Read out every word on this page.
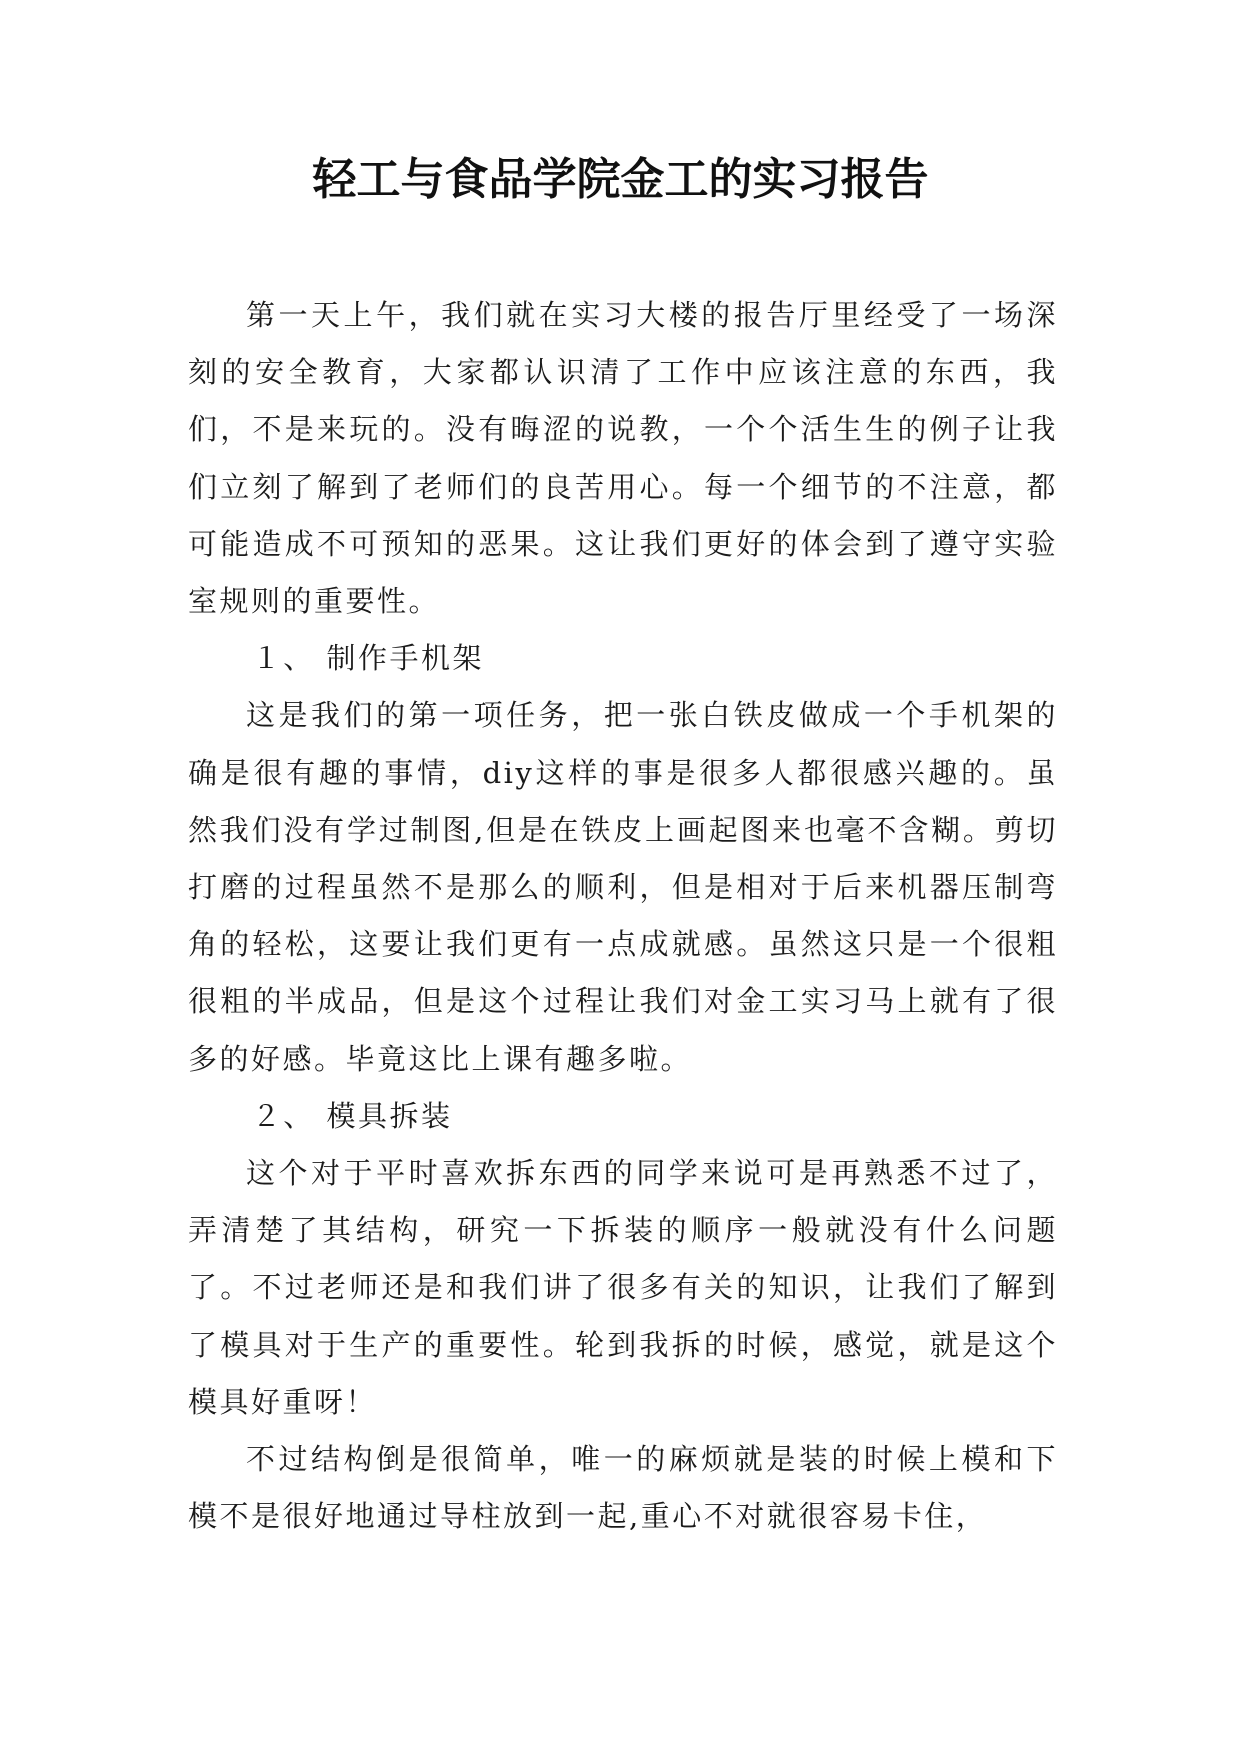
轻工与食品学院金工的实习报告

第一天上午，我们就在实习大楼的报告厅里经受了一场深刻的安全教育，大家都认识清了工作中应该注意的东西，我们，不是来玩的。没有晦涩的说教，一个个活生生的例子让我们立刻了解到了老师们的良苦用心。每一个细节的不注意，都可能造成不可预知的恶果。这让我们更好的体会到了遵守实验室规则的重要性。

１、 制作手机架

这是我们的第一项任务，把一张白铁皮做成一个手机架的确是很有趣的事情，diy这样的事是很多人都很感兴趣的。虽然我们没有学过制图,但是在铁皮上画起图来也毫不含糊。剪切打磨的过程虽然不是那么的顺利，但是相对于后来机器压制弯角的轻松，这要让我们更有一点成就感。虽然这只是一个很粗很粗的半成品，但是这个过程让我们对金工实习马上就有了很多的好感。毕竟这比上课有趣多啦。

２、 模具拆装

这个对于平时喜欢拆东西的同学来说可是再熟悉不过了，弄清楚了其结构，研究一下拆装的顺序一般就没有什么问题了。不过老师还是和我们讲了很多有关的知识，让我们了解到了模具对于生产的重要性。轮到我拆的时候，感觉，就是这个模具好重呀！

不过结构倒是很简单，唯一的麻烦就是装的时候上模和下模不是很好地通过导柱放到一起,重心不对就很容易卡住，
